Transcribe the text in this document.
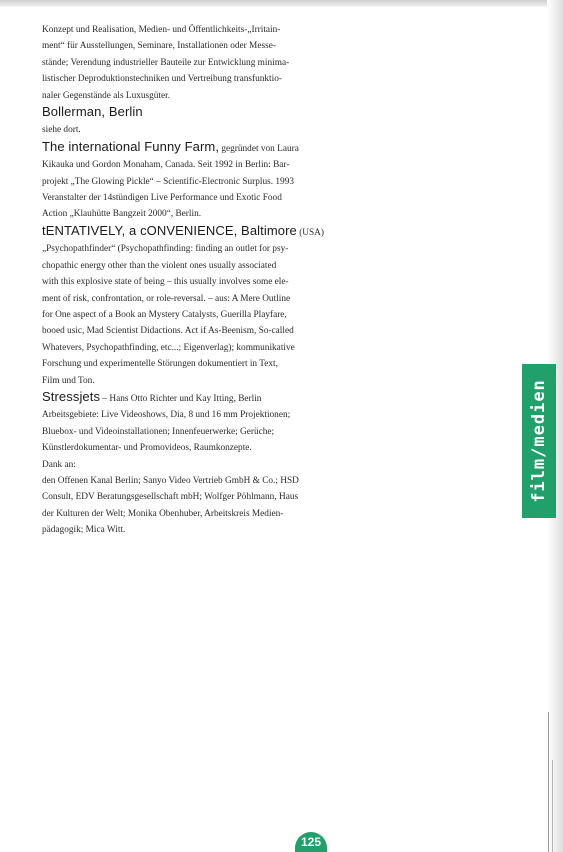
Konzept und Realisation, Medien- und Öffentlichkeits-„Irritain-

ment“ für Ausstellungen, Seminare, Installationen oder Messe-

stände; Verendung industrieller Bauteile zur Entwicklung minima-

listischer Deproduktionstechniken und Vertreibung transfunktio-

naler Gegenstände als Luxusgüter.

Bollerman, Berlin

siehe dort.

The international Funny Farm, gegründet von Laura

Kikauka und Gordon Monaham, Canada. Seit 1992 in Berlin: Bar-

projekt „The Glowing Pickle“ – Scientific-Electronic Surplus. 1993

Veranstalter der 14stündigen Live Performance und Exotic Food

Action „Klauhütte Bangzeit 2000“, Berlin.

tENTATIVELY, a cONVENIENCE, Baltimore (USA)

„Psychopathfinder“ (Psychopathfinding: finding an outlet for psy-

chopathic energy other than the violent ones usually associated

with this explosive state of being – this usually involves some ele-

ment of risk, confrontation, or role-reversal. – aus: A Mere Outline

for One aspect of a Book an Mystery Catalysts, Guerilla Playfare,

booed usic, Mad Scientist Didactions. Act if As-Beenism, So-called

Whatevers, Psychopathfinding, etc...; Eigenverlag); kommunikative

Forschung und experimentelle Störungen dokumentiert in Text,

Film und Ton.

Stressjets – Hans Otto Richter und Kay Itting, Berlin

Arbeitsgebiete: Live Videoshows, Dia, 8 und 16 mm Projektionen;

Bluebox- und Videoinstallationen; Innenfeuerwerke; Gerüche;

Künstlerdokumentar- und Promovideos, Raumkonzepte.

Dank an:

den Offenen Kanal Berlin; Sanyo Video Vertrieb GmbH & Co.; HSD

Consult, EDV Beratungsgesellschaft mbH; Wolfger Pöhlmann, Haus

der Kulturen der Welt; Monika Obenhuber, Arbeitskreis Medien-

pädagogik; Mica Witt.

film/medien
125
